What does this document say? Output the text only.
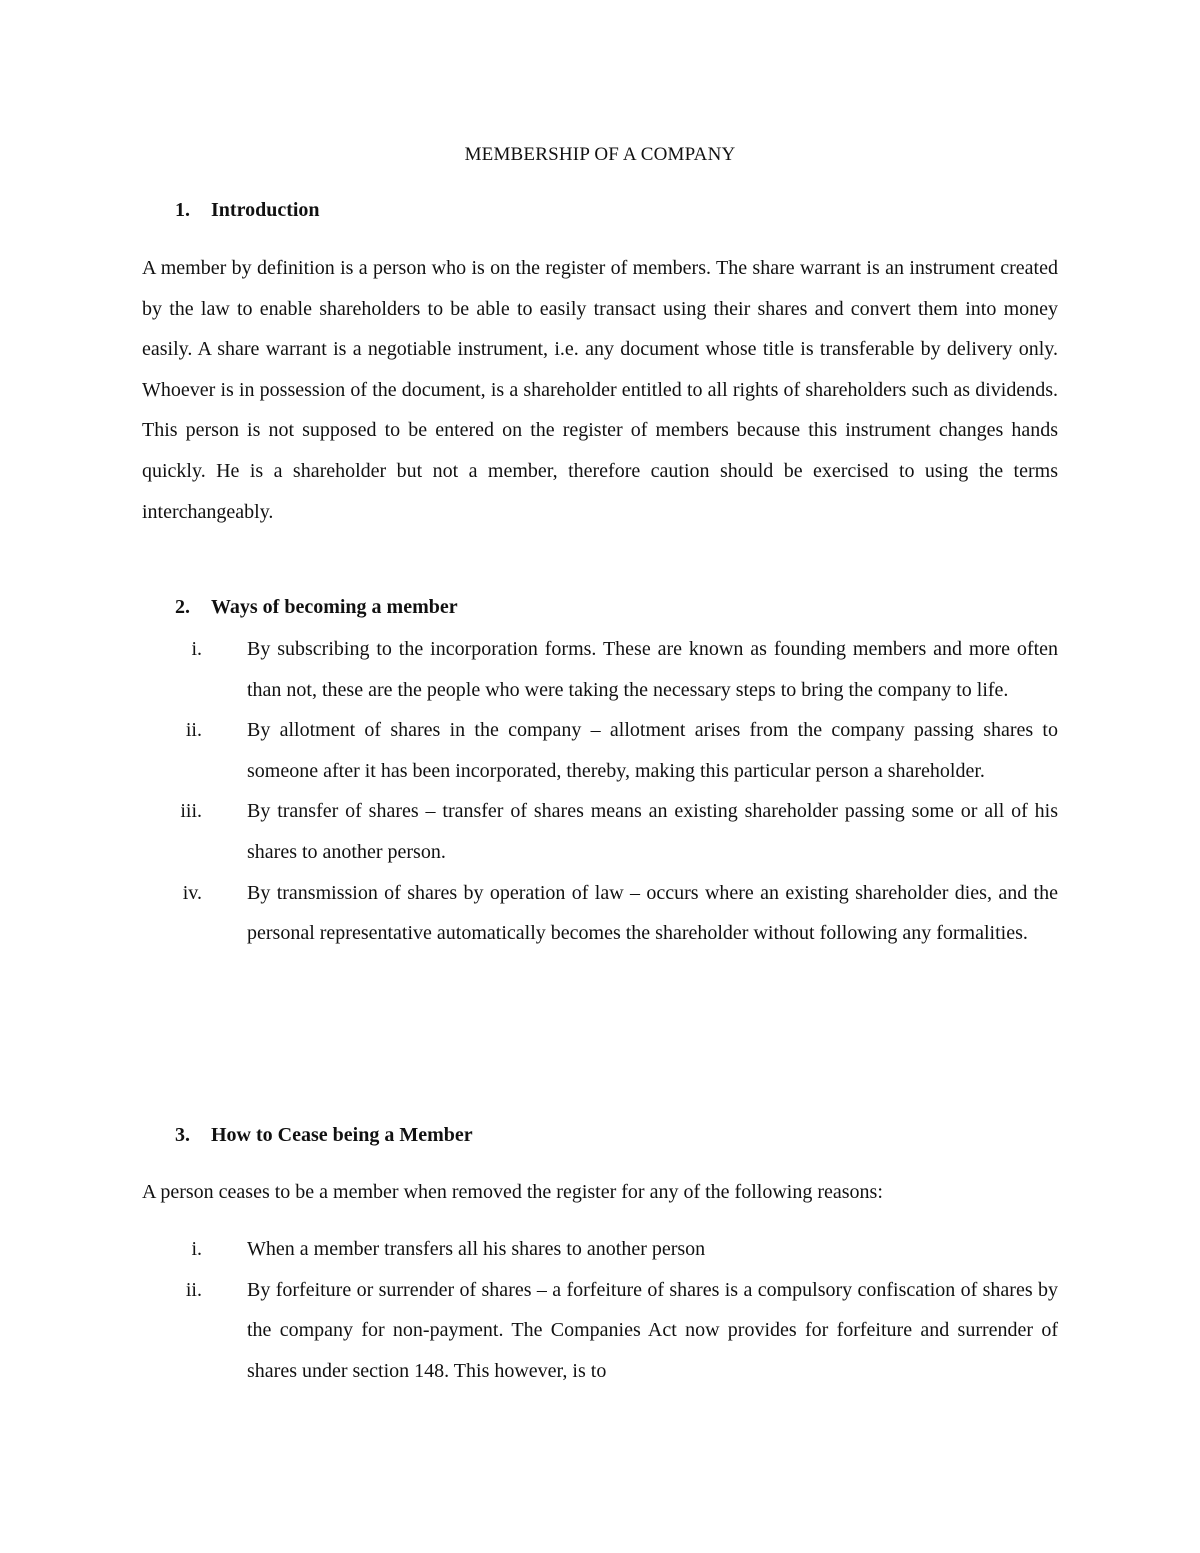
MEMBERSHIP OF A COMPANY
1. Introduction
A member by definition is a person who is on the register of members. The share warrant is an instrument created by the law to enable shareholders to be able to easily transact using their shares and convert them into money easily. A share warrant is a negotiable instrument, i.e. any document whose title is transferable by delivery only. Whoever is in possession of the document, is a shareholder entitled to all rights of shareholders such as dividends. This person is not supposed to be entered on the register of members because this instrument changes hands quickly. He is a shareholder but not a member, therefore caution should be exercised to using the terms interchangeably.
2. Ways of becoming a member
i. By subscribing to the incorporation forms. These are known as founding members and more often than not, these are the people who were taking the necessary steps to bring the company to life.
ii. By allotment of shares in the company – allotment arises from the company passing shares to someone after it has been incorporated, thereby, making this particular person a shareholder.
iii. By transfer of shares – transfer of shares means an existing shareholder passing some or all of his shares to another person.
iv. By transmission of shares by operation of law – occurs where an existing shareholder dies, and the personal representative automatically becomes the shareholder without following any formalities.
3. How to Cease being a Member
A person ceases to be a member when removed the register for any of the following reasons:
i. When a member transfers all his shares to another person
ii. By forfeiture or surrender of shares – a forfeiture of shares is a compulsory confiscation of shares by the company for non-payment. The Companies Act now provides for forfeiture and surrender of shares under section 148. This however, is to
